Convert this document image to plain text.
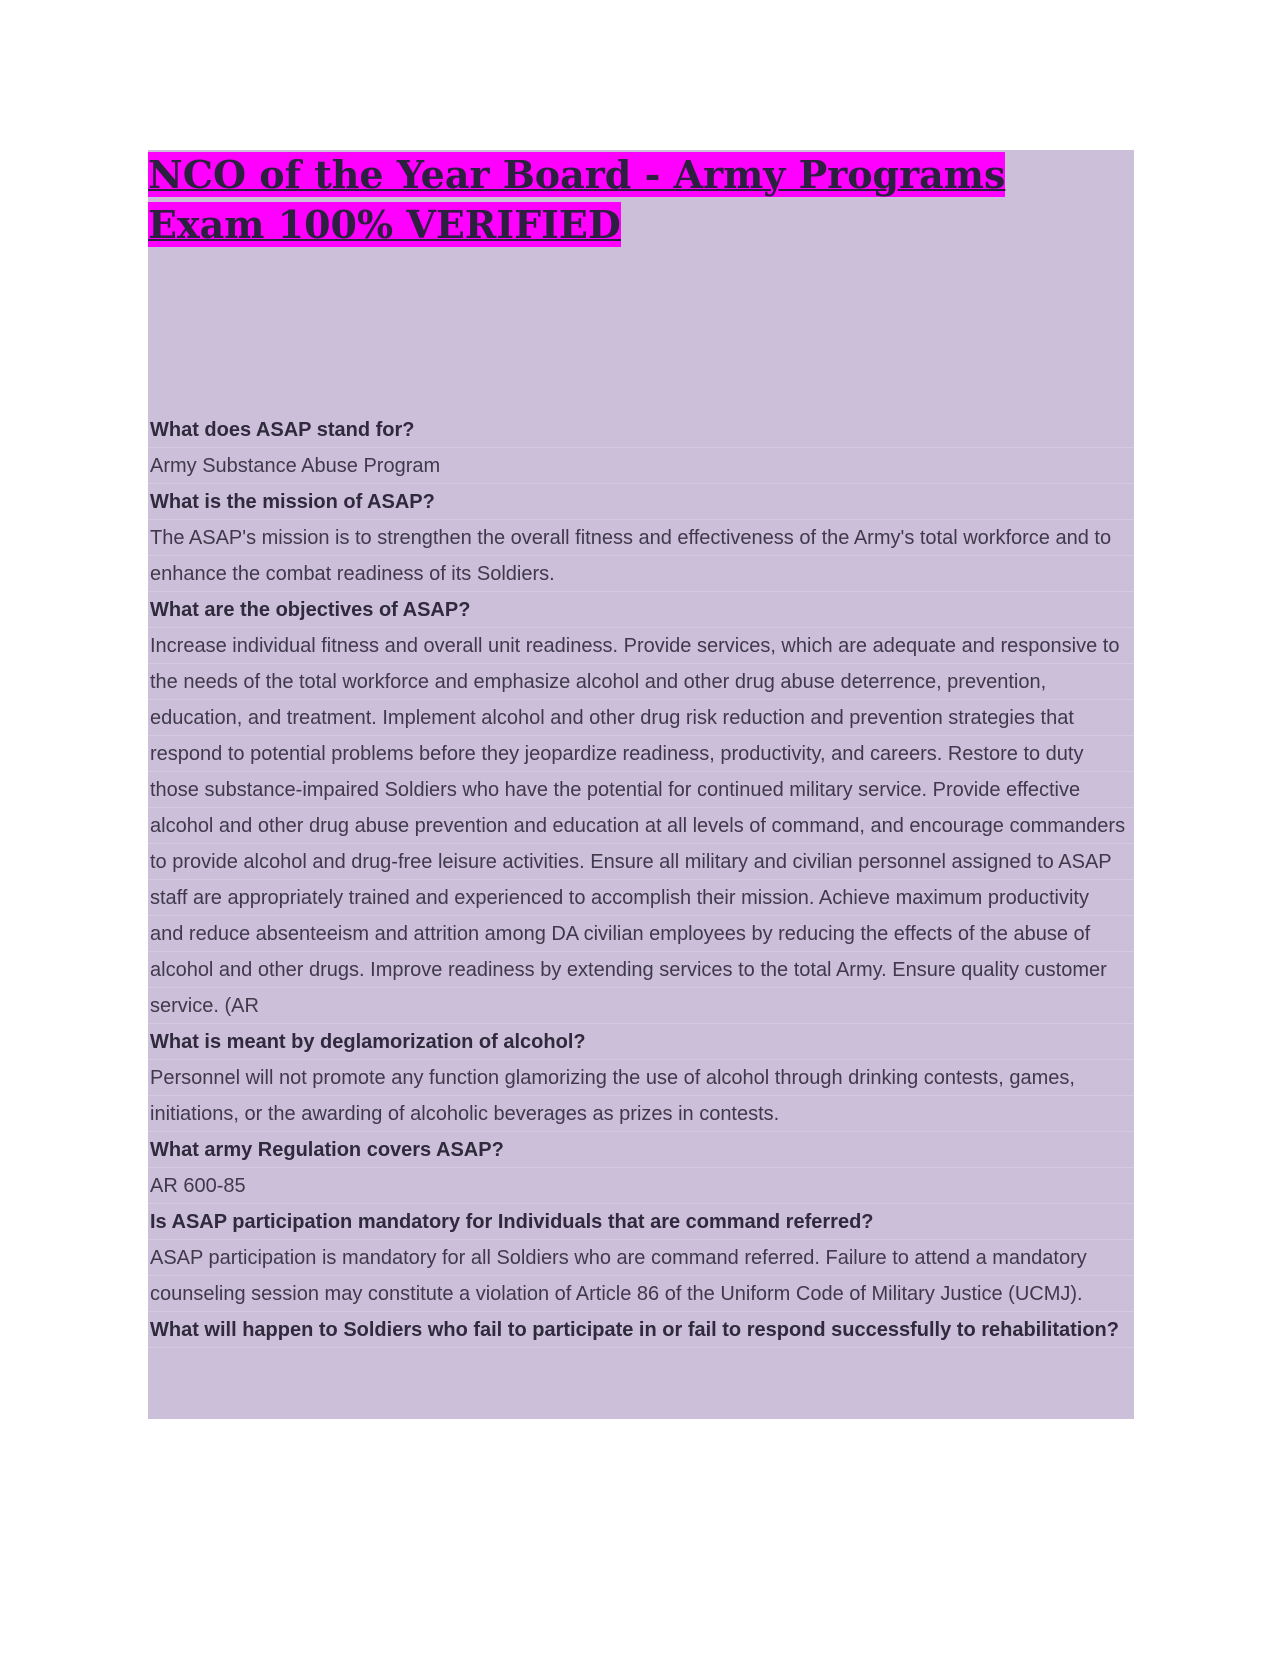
NCO of the Year Board - Army Programs Exam 100% VERIFIED
What does ASAP stand for?
Army Substance Abuse Program
What is the mission of ASAP?
The ASAP's mission is to strengthen the overall fitness and effectiveness of the Army's total workforce and to enhance the combat readiness of its Soldiers.
What are the objectives of ASAP?
Increase individual fitness and overall unit readiness. Provide services, which are adequate and responsive to the needs of the total workforce and emphasize alcohol and other drug abuse deterrence, prevention, education, and treatment. Implement alcohol and other drug risk reduction and prevention strategies that respond to potential problems before they jeopardize readiness, productivity, and careers. Restore to duty those substance-impaired Soldiers who have the potential for continued military service. Provide effective alcohol and other drug abuse prevention and education at all levels of command, and encourage commanders to provide alcohol and drug-free leisure activities. Ensure all military and civilian personnel assigned to ASAP staff are appropriately trained and experienced to accomplish their mission. Achieve maximum productivity and reduce absenteeism and attrition among DA civilian employees by reducing the effects of the abuse of alcohol and other drugs. Improve readiness by extending services to the total Army. Ensure quality customer service. (AR
What is meant by deglamorization of alcohol?
Personnel will not promote any function glamorizing the use of alcohol through drinking contests, games, initiations, or the awarding of alcoholic beverages as prizes in contests.
What army Regulation covers ASAP?
AR 600-85
Is ASAP participation mandatory for Individuals that are command referred?
ASAP participation is mandatory for all Soldiers who are command referred. Failure to attend a mandatory counseling session may constitute a violation of Article 86 of the Uniform Code of Military Justice (UCMJ).
What will happen to Soldiers who fail to participate in or fail to respond successfully to rehabilitation?
